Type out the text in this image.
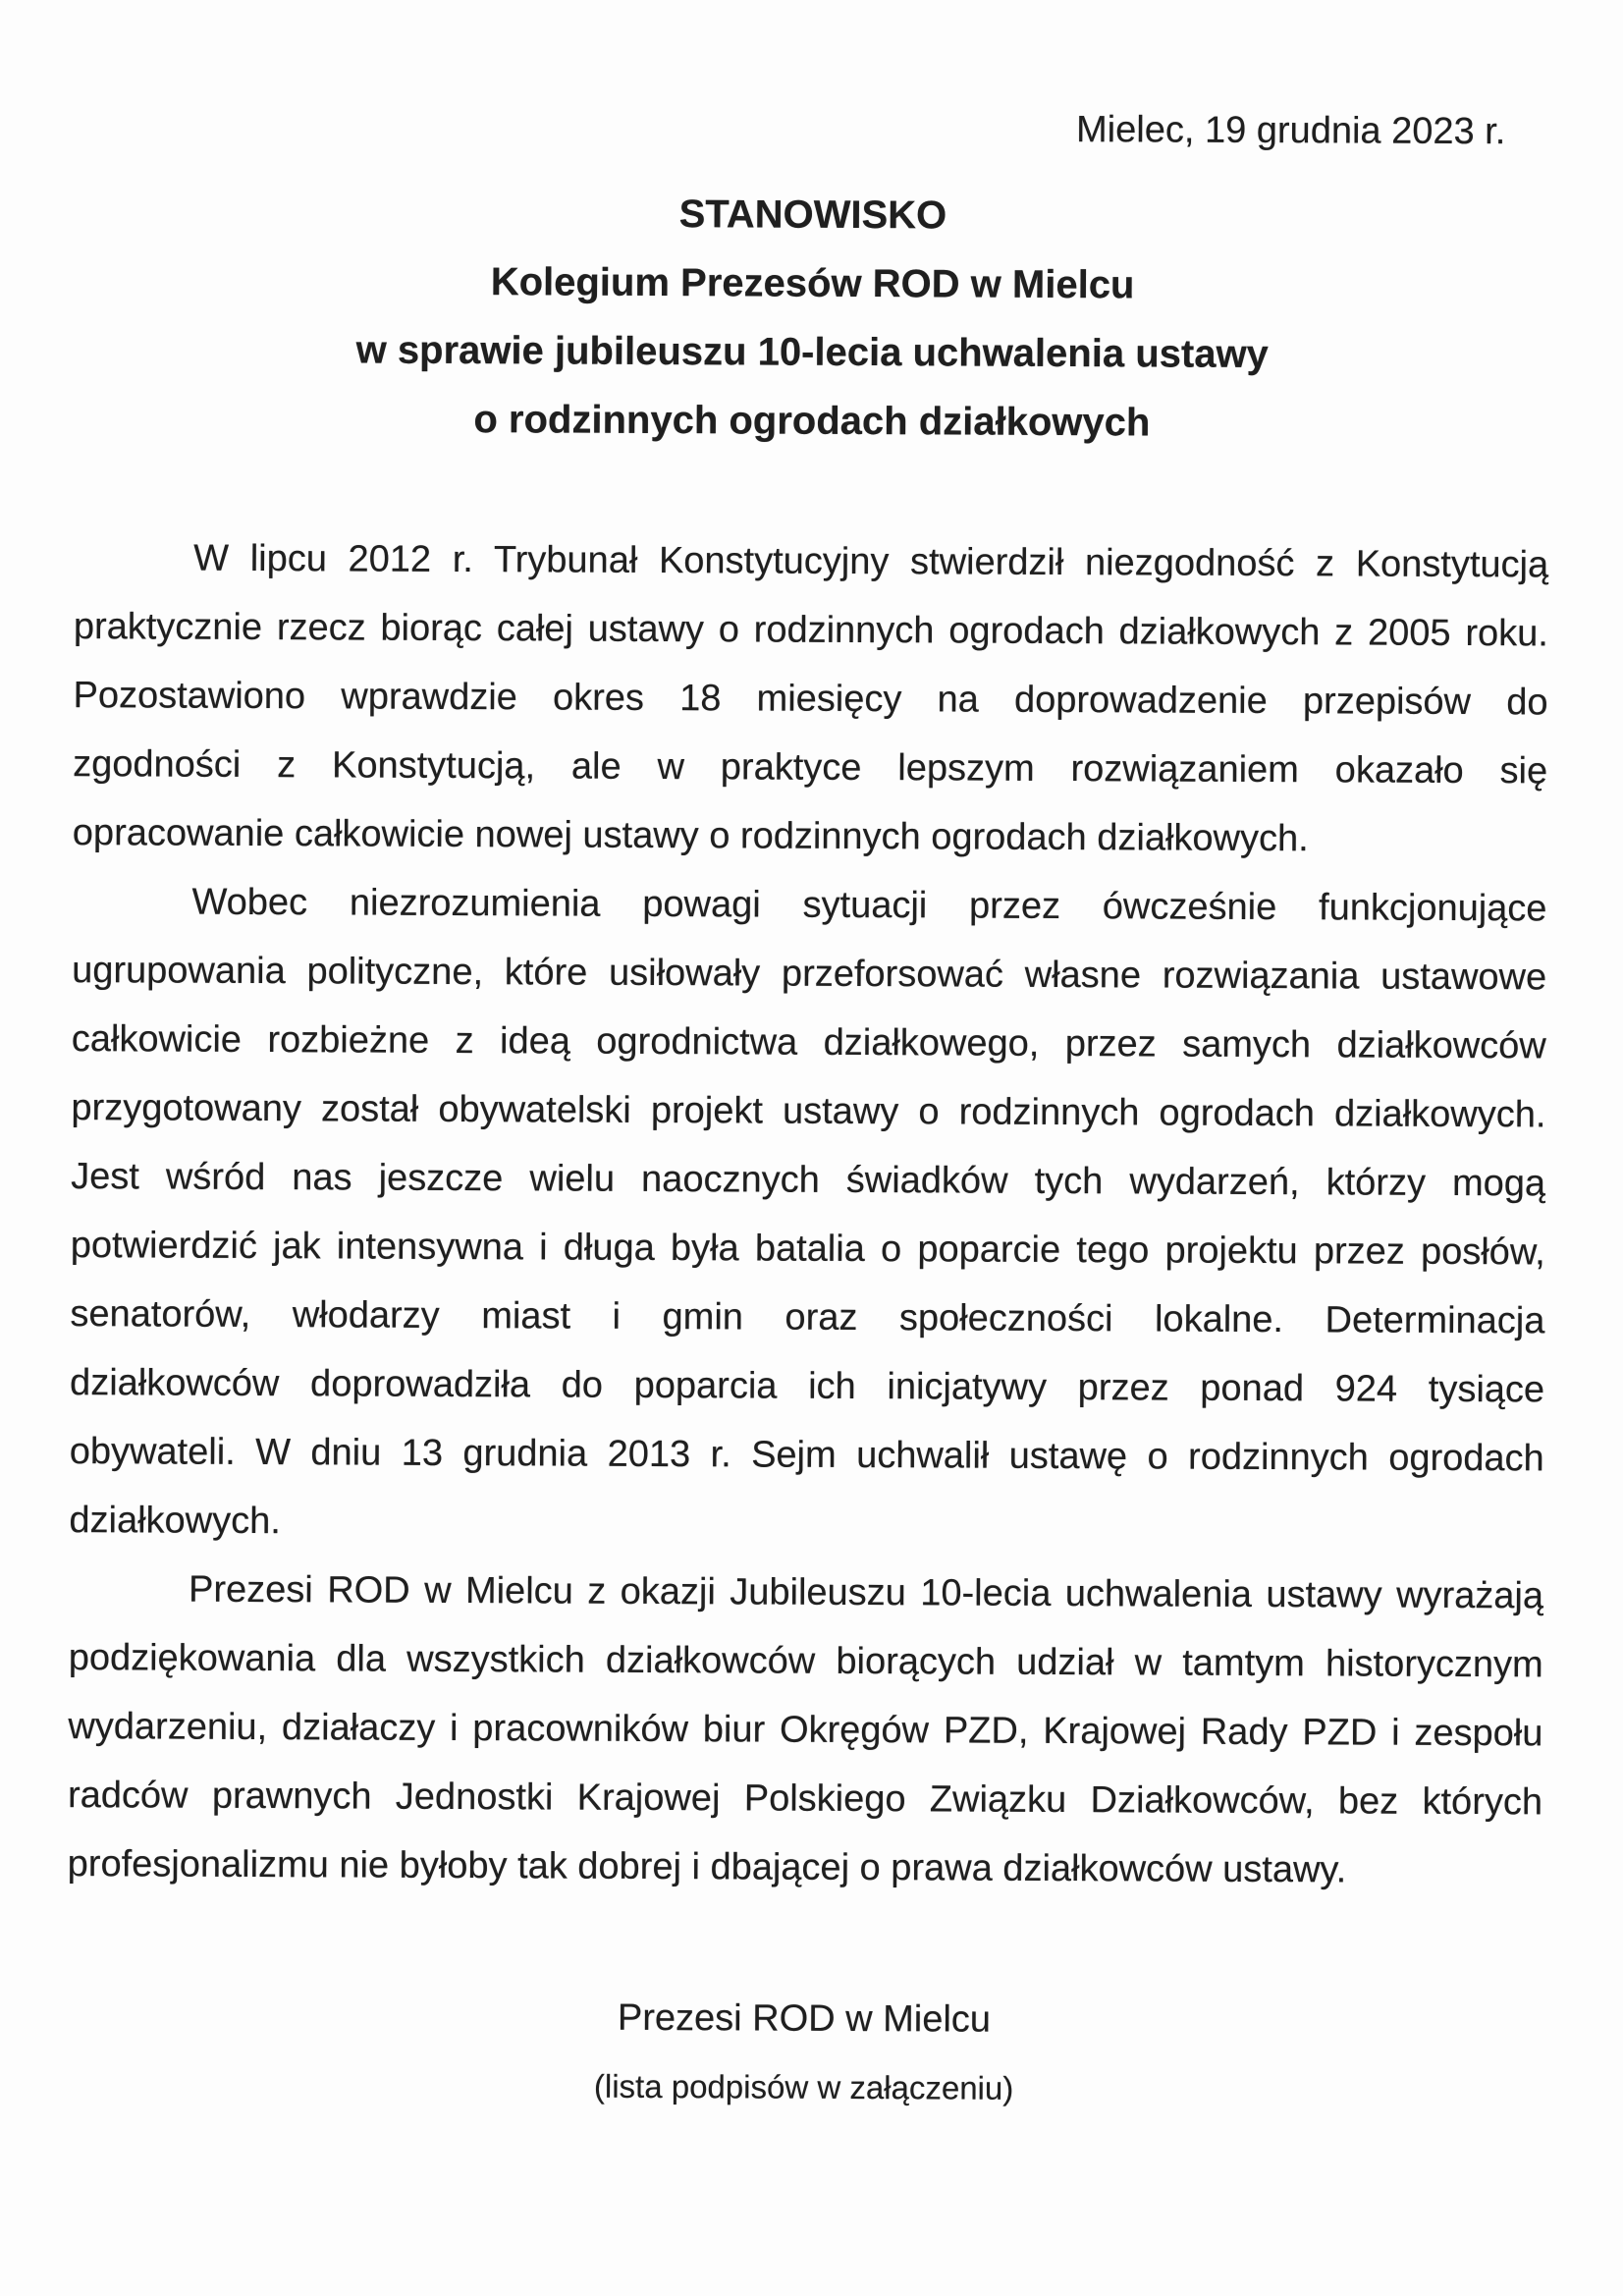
Mielec, 19 grudnia 2023 r.
STANOWISKO
Kolegium Prezesów ROD w Mielcu
w sprawie jubileuszu 10-lecia uchwalenia ustawy
o rodzinnych ogrodach działkowych
W lipcu 2012 r. Trybunał Konstytucyjny stwierdził niezgodność z Konstytucją
praktycznie rzecz biorąc całej ustawy o rodzinnych ogrodach działkowych z 2005 roku.
Pozostawiono wprawdzie okres 18 miesięcy na doprowadzenie przepisów do
zgodności z Konstytucją, ale w praktyce lepszym rozwiązaniem okazało się
opracowanie całkowicie nowej ustawy o rodzinnych ogrodach działkowych.
Wobec niezrozumienia powagi sytuacji przez ówcześnie funkcjonujące
ugrupowania polityczne, które usiłowały przeforsować własne rozwiązania ustawowe
całkowicie rozbieżne z ideą ogrodnictwa działkowego, przez samych działkowców
przygotowany został obywatelski projekt ustawy o rodzinnych ogrodach działkowych.
Jest wśród nas jeszcze wielu naocznych świadków tych wydarzeń, którzy mogą
potwierdzić jak intensywna i długa była batalia o poparcie tego projektu przez posłów,
senatorów, włodarzy miast i gmin oraz społeczności lokalne. Determinacja
działkowców doprowadziła do poparcia ich inicjatywy przez ponad 924 tysiące
obywateli. W dniu 13 grudnia 2013 r. Sejm uchwalił ustawę o rodzinnych ogrodach
działkowych.
Prezesi ROD w Mielcu z okazji Jubileuszu 10-lecia uchwalenia ustawy wyrażają
podziękowania dla wszystkich działkowców biorących udział w tamtym historycznym
wydarzeniu, działaczy i pracowników biur Okręgów PZD, Krajowej Rady PZD i zespołu
radców prawnych Jednostki Krajowej Polskiego Związku Działkowców, bez których
profesjonalizmu nie byłoby tak dobrej i dbającej o prawa działkowców ustawy.
Prezesi ROD w Mielcu
(lista podpisów w załączeniu)
